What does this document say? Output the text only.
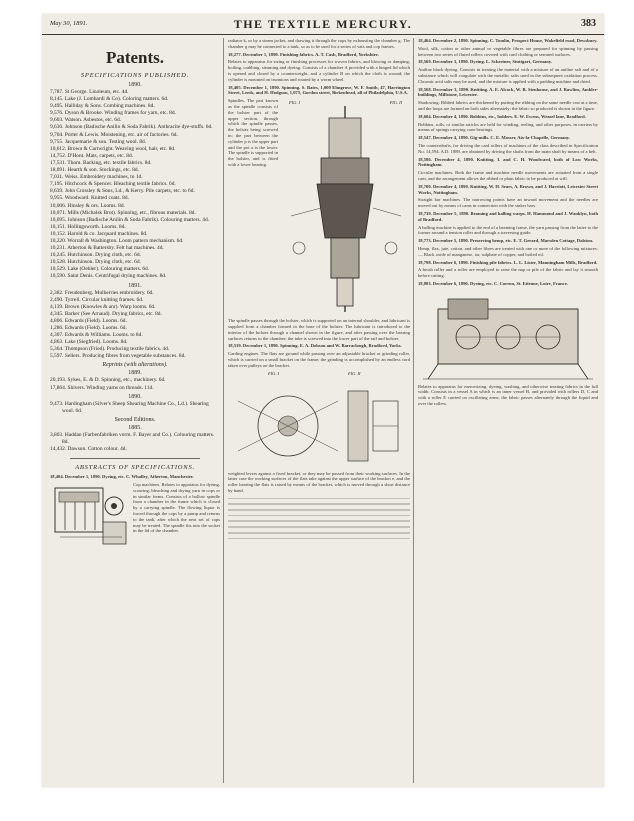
May 30, 1891.	THE TEXTILE MERCURY.	383
Patents.
SPECIFICATIONS PUBLISHED.
1890.

7,787. St George. Linoleum, etc. 4d.

8,145. Lake (J. Lombardi & Co). Coloring matters. 6d.

9,495. Halliday & Sons. Combing machines. 8d.

9,576. Dyson & Brooke. Winding frames for yarn, etc. 8d.

9,603. Watson. Asbestos, etc. 6d.

9,636. Johnson (Badische Anilin & Soda Fabrik). Anthracite dye-stuffs. 6d.

9,704. Porter & Lewis. Moistening, etc. air of factories. 6d.

9,755. Jacquemarie & son. Testing wool. 8d.

10,612. Brown & Cartwright. Weaving wool, hair, etc. 8d.

14,752. D'Hont. Mats, carpets, etc. 8d.

17,531. Thom. Backing, etc. textile fabrics. 8d.

18,091. Hearth & son. Stockings, etc. 8d.

7,031. Weiss. Embroidery machines, to 1d.

7,195. Hitchcock & Spencer. Bleaching textile fabrics. 6d.

8,639. John Crossley & Sons, Ld., & Kerry. Pile carpets, etc. to 6d.

9,955. Woodward. Knitted coats. 8d.

10,006. Hinsley & ors. Looms. 8d.

10,071. Mills (Michalsk Brot). Spinning, etc., fibrous materials. 8d.

10,095. Johnson (Badische Anilin & Soda Fabrik). Colouring matters. 4d.

10,151. Hollingsworth. Looms. 8d.

10,152. Harold & co. Jacquard machines. 8d.

10,220. Worrall & Washington. Loom pattern mechanism. 6d.

10,231. Atherton & Battersby. Felt hat machines. 4d.

10,245. Hutchinson. Drying cloth, etc. 6d.

10,528. Hutchinson. Drying cloth, etc. 6d.

10,529. Lake (Oehler). Colouring matters. 6d.

10,590. Saint Denis. Centrifugal drying machines. 8d.

1891.

2,382. Freudenberg. Mulberries embroidery. 6d.

2,490. Tyrrell. Circular knitting frames. 6d.

4,139. Brown (Knowles & anr). Warp looms. 6d.

4,345. Barker (See Arnaud). Drying fabrics, etc. 8d.

4,806. Edwards (Field). Looms. 6d.

1,286. Edwards (Field). Looms. 6d.

4,307. Edwards & Williams. Looms. to 8d.

4,863. Lake (Siegfried). Looms. 8d.

5,364. Thompson (Fried). Producing textile fabrics. 4d.

5,597. Sellers. Producing fibres from vegetable substances. 8d.

Reprints (with alterations).
1889.

20,193. Sykes, E. & D. Spinning, etc., machinery. 6d.

17,864. Shivers. Winding yarns on threads. 11d.

1890.

9,473. Hardingham (Silver's Sheep Shearing Machine Co., Ld.). Shearing wool. 6d.

Second Editions.
1885.

3,803. Haddan (Farbenfabriken vorm. F. Bayer and Co.). Colouring matters. 8d.

14,432. Dawson. Cotton colour. 4d.

ABSTRACTS OF SPECIFICATIONS.

18,404. December 1, 1890. Dyeing, etc. C. Whalley, Atherton, Manchester.

Cop machines. Relates to apparatus for dyeing, scouring, bleaching and drying yarn in cops or in similar forms. Consists of a hollow spindle from a chamber in the frame which is closed by a carrying spindle. The flowing liquor is forced through the cops by a pump and returns to the tank, after which the next set of cops may be treated. The spindle fits into the socket in the lid of the chamber.

radiator k, or by a steam jacket, and drawing it through the cops by exhausting the chamber g. The chamber g may be connected to a tank, so as to be used for a series of vats and cop frames.

18,277. December 1, 1890. Finishing fabrics. A. T. Cash, Bradford, Yorkshire.

Relates to apparatus for sizing or finishing processes for woven fabrics, and blowing or damping, boiling, crabbing, steaming and dyeing. Consists of a chamber A provided with a hinged lid which is opened and closed by a counterweight, and a cylinder B on which the cloth is wound; the cylinder is mounted on trunnions and rotated by a worm wheel.

18,405. December 1, 1890. Spinning. S. Bates, 1,000 Elmgrove, W. F. Smith, 47, Harrington Street, Leeds, and H. Hodgson, 1,075, Gordon street, Birkenhead, all of Philadelphia, U.S.A.

Spindles. The part known as the spindle consists of the bolster part of the upper section, through which the spindle passes, the bolster being screwed in; the part between the cylinder p is the upper part and the pot a is the lower. The spindle is supported in the bolster, and is fitted with a lower bearing.

FIG. I	FIG. II

The spindle passes through the bolster, which is supported on an internal shoulder, and lubricant is supplied from a chamber formed in the base of the bolster. The lubricant is introduced to the interior of the bolster through a channel shown in the figure, and after passing over the bearing surfaces returns to the chamber; the tube is screwed into the lower part of the rail and bolster.

18,519. December 1, 1890. Spinning. E. A. Dobson and W. Barraclough, Bradford, Yorks.

Carding engines. The flats are ground while passing over an adjustable bracket or grinding roller, which is carried on a small bracket on the frame; the grinding is accomplished by an endless cord taken over pulleys on the bracket.

FIG. I	FIG. II

weighted levers against a fixed bracket, or they may be passed from their working surfaces. In the latter case the working surfaces of the flats take against the upper surface of the bracket e, and the roller bearing the flats is raised by means of the bracket, which is moved through a short distance by hand.

18,464. December 2, 1890. Spinning. C. Tomlin, Prospect House, Wakefield road, Dewsbury.

Wool, silk, cotton or other animal or vegetable fibres are prepared for spinning by passing between two series of fluted rollers covered with card clothing or serrated surfaces.

18,569. December 3, 1890. Dyeing. L. Schreiner, Stuttgart, Germany.

Aniline black dyeing. Consists in treating the material with a mixture of an aniline salt and of a substance which will coagulate with the metallic salts used in the subsequent oxidation process. Chromic acid salts may be used, and the mixture is applied with a padding machine and dried.

18,568. December 3, 1890. Knitting. A. E. Alcock, W. B. Stenhouse, and J. Rawlins, Ambler-buildings, Millstone, Leicester.

Shadowing. Ribbed fabrics are thickened by putting the ribbing on the same needle cast at a time, and the loops are formed on both sides alternately; the fabric so produced is shown in the figure.

18,604. December 4, 1890. Bobbins, etc., holders. E. W. Ewens, Weasel lane, Bradford.

Bobbins, rolls, or similar articles are held for winding, reeling, and other purposes, in carriers by means of springs carrying cone bearings.

18,547. December 4, 1890. Gig-mills. C. E. Mosser, Aix-la-Chapelle, Germany.

The counterdrafts, for driving the card rollers of machines of the class described in Specification No. 14,594, A.D. 1889, are obtained by driving the shafts from the main shaft by means of a belt.

18,586. December 4, 1890. Knitting. I. and C. H. Woodward, both of Low Works, Nottingham.

Circular machines. Both the frame and machine needle movements are actuated from a single cam, and the arrangement allows the ribbed or plain fabric to be produced at will.

18,700. December 4, 1890. Knitting. W. H. Sears, A. Brown, and J. Harriott, Leicester Street Works, Nottingham.

Straight bar machines. The narrowing points have an inward movement and the needles are moved out by means of cams in connection with the sinker bars.

18,739. December 5, 1890. Beaming and balling warps. H. Hammond and J. Wanklyn, both of Bradford.

A balling machine is applied to the end of a beaming frame, the yarn passing from the latter to the former around a tension roller and through a traversing guide.

18,773. December 5, 1890. Preserving hemp, etc. E. T. Gerard, Marsden Cottage, Dalston.

Hemp, flax, jute, cotton, and other fibres are treated with one or more of the following mixtures: — Black oxide of manganese, tar, sulphate of copper, and boiled oil.

18,798. December 6, 1890. Finishing pile fabrics. L. L. Lister, Manningham Mills, Bradford.

A brush roller and a roller are employed to raise the nap or pile of the fabric and lay it smooth before cutting.

18,803. December 6, 1890. Dyeing, etc. C. Corron, St. Etienne, Loire, France.

Relates to apparatus for mercerizing, dyeing, washing, and otherwise treating fabrics in the full width. Consists in a vessel A in which is an inner vessel B, and provided with rollers D, C and with a roller E carried on oscillating arms; the fabric passes alternately through the liquid and over the rollers.
